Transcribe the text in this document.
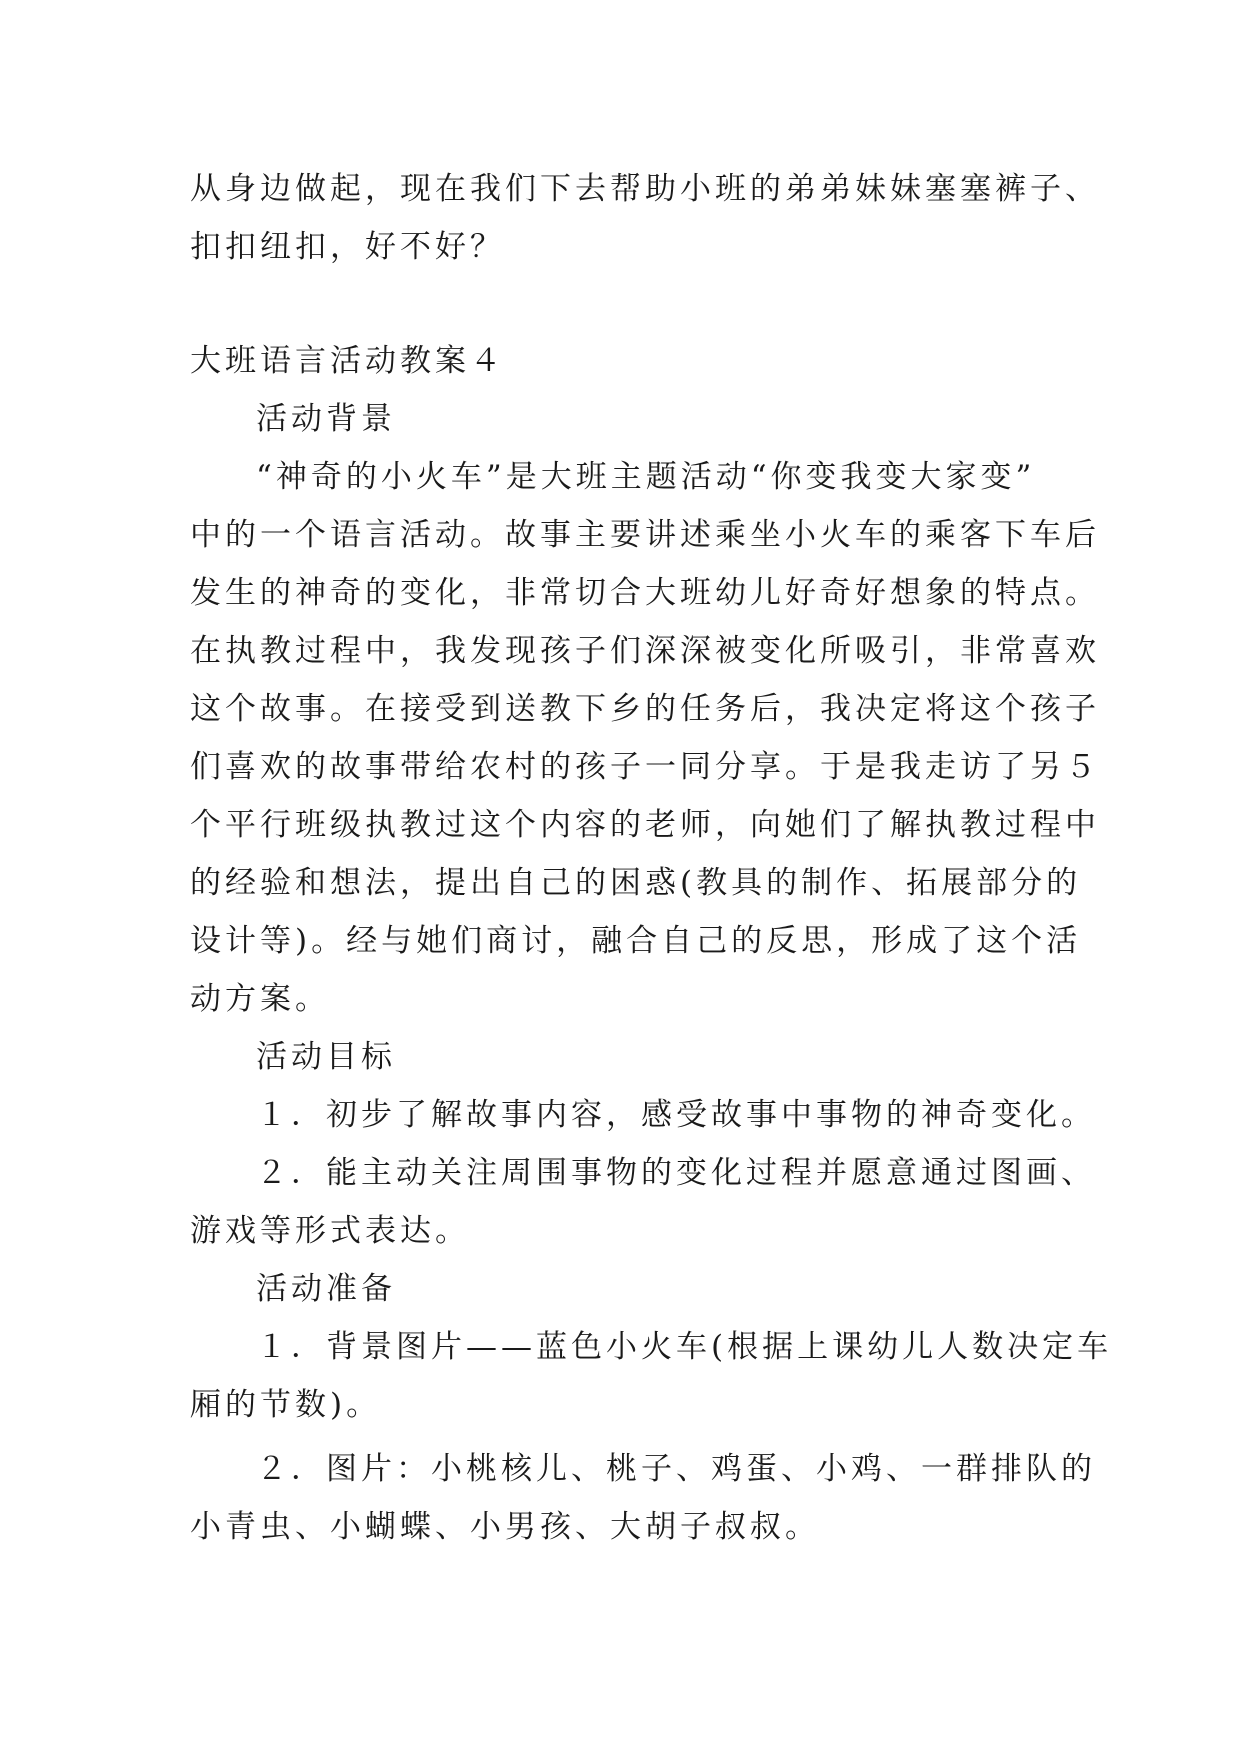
从身边做起，现在我们下去帮助小班的弟弟妹妹塞塞裤子、
扣扣纽扣，好不好？
大班语言活动教案４
活动背景
“神奇的小火车”是大班主题活动“你变我变大家变”
中的一个语言活动。故事主要讲述乘坐小火车的乘客下车后
发生的神奇的变化，非常切合大班幼儿好奇好想象的特点。
在执教过程中，我发现孩子们深深被变化所吸引，非常喜欢
这个故事。在接受到送教下乡的任务后，我决定将这个孩子
们喜欢的故事带给农村的孩子一同分享。于是我走访了另５
个平行班级执教过这个内容的老师，向她们了解执教过程中
的经验和想法，提出自己的困惑(教具的制作、拓展部分的
设计等)。经与她们商讨，融合自己的反思，形成了这个活
动方案。
活动目标
１．初步了解故事内容，感受故事中事物的神奇变化。
２．能主动关注周围事物的变化过程并愿意通过图画、
游戏等形式表达。
活动准备
１．背景图片——蓝色小火车(根据上课幼儿人数决定车
厢的节数)。
２．图片：小桃核儿、桃子、鸡蛋、小鸡、一群排队的
小青虫、小蝴蝶、小男孩、大胡子叔叔。
